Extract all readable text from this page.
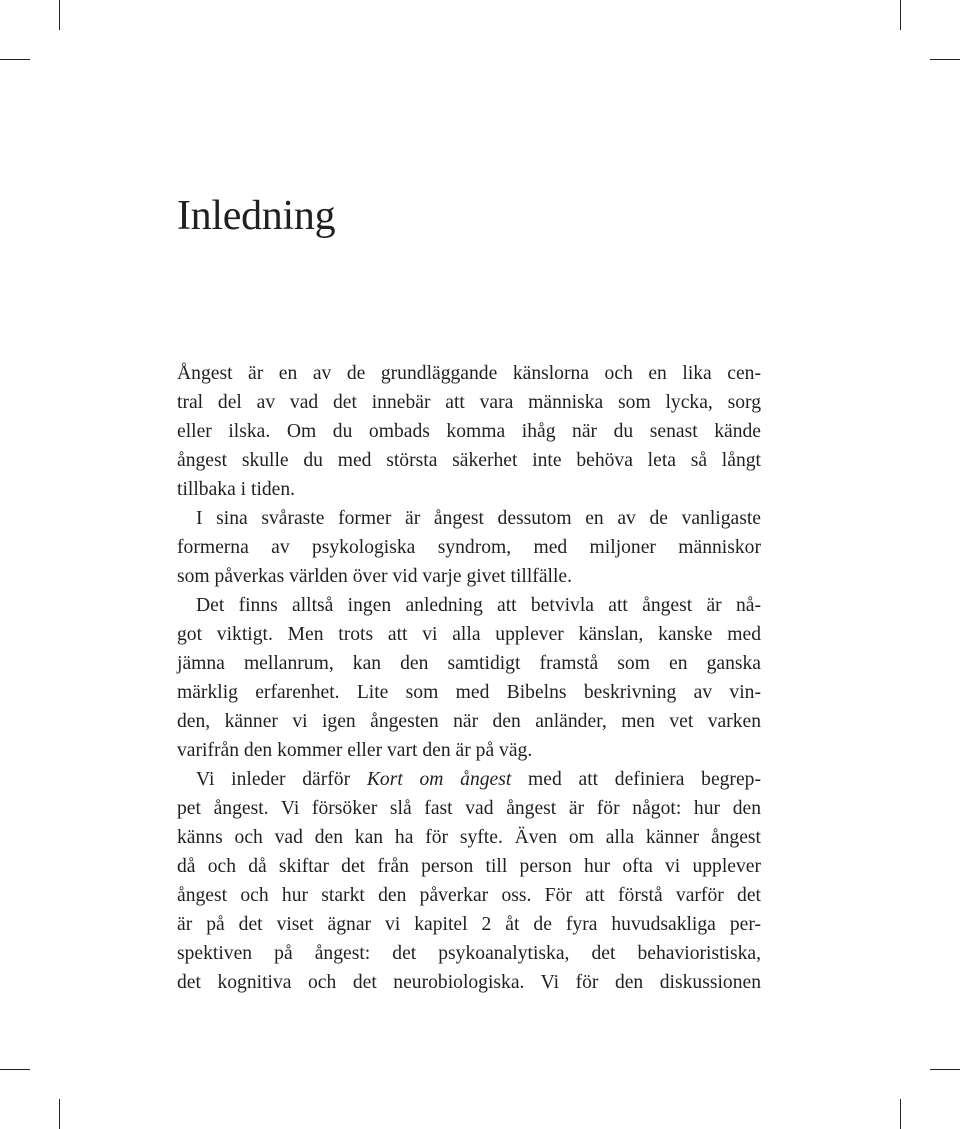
Inledning
Ångest är en av de grundläggande känslorna och en lika cen-
tral del av vad det innebär att vara människa som lycka, sorg
eller ilska. Om du ombads komma ihåg när du senast kände
ångest skulle du med största säkerhet inte behöva leta så långt
tillbaka i tiden.
I sina svåraste former är ångest dessutom en av de vanligaste
formerna av psykologiska syndrom, med miljoner människor
som påverkas världen över vid varje givet tillfälle.
Det finns alltså ingen anledning att betvivla att ångest är nå-
got viktigt. Men trots att vi alla upplever känslan, kanske med
jämna mellanrum, kan den samtidigt framstå som en ganska
märklig erfarenhet. Lite som med Bibelns beskrivning av vin-
den, känner vi igen ångesten när den anländer, men vet varken
varifrån den kommer eller vart den är på väg.
Vi inleder därför Kort om ångest med att definiera begrep-
pet ångest. Vi försöker slå fast vad ångest är för något: hur den
känns och vad den kan ha för syfte. Även om alla känner ångest
då och då skiftar det från person till person hur ofta vi upplever
ångest och hur starkt den påverkar oss. För att förstå varför det
är på det viset ägnar vi kapitel 2 åt de fyra huvudsakliga per-
spektiven på ångest: det psykoanalytiska, det behavioristiska,
det kognitiva och det neurobiologiska. Vi för den diskussionen
